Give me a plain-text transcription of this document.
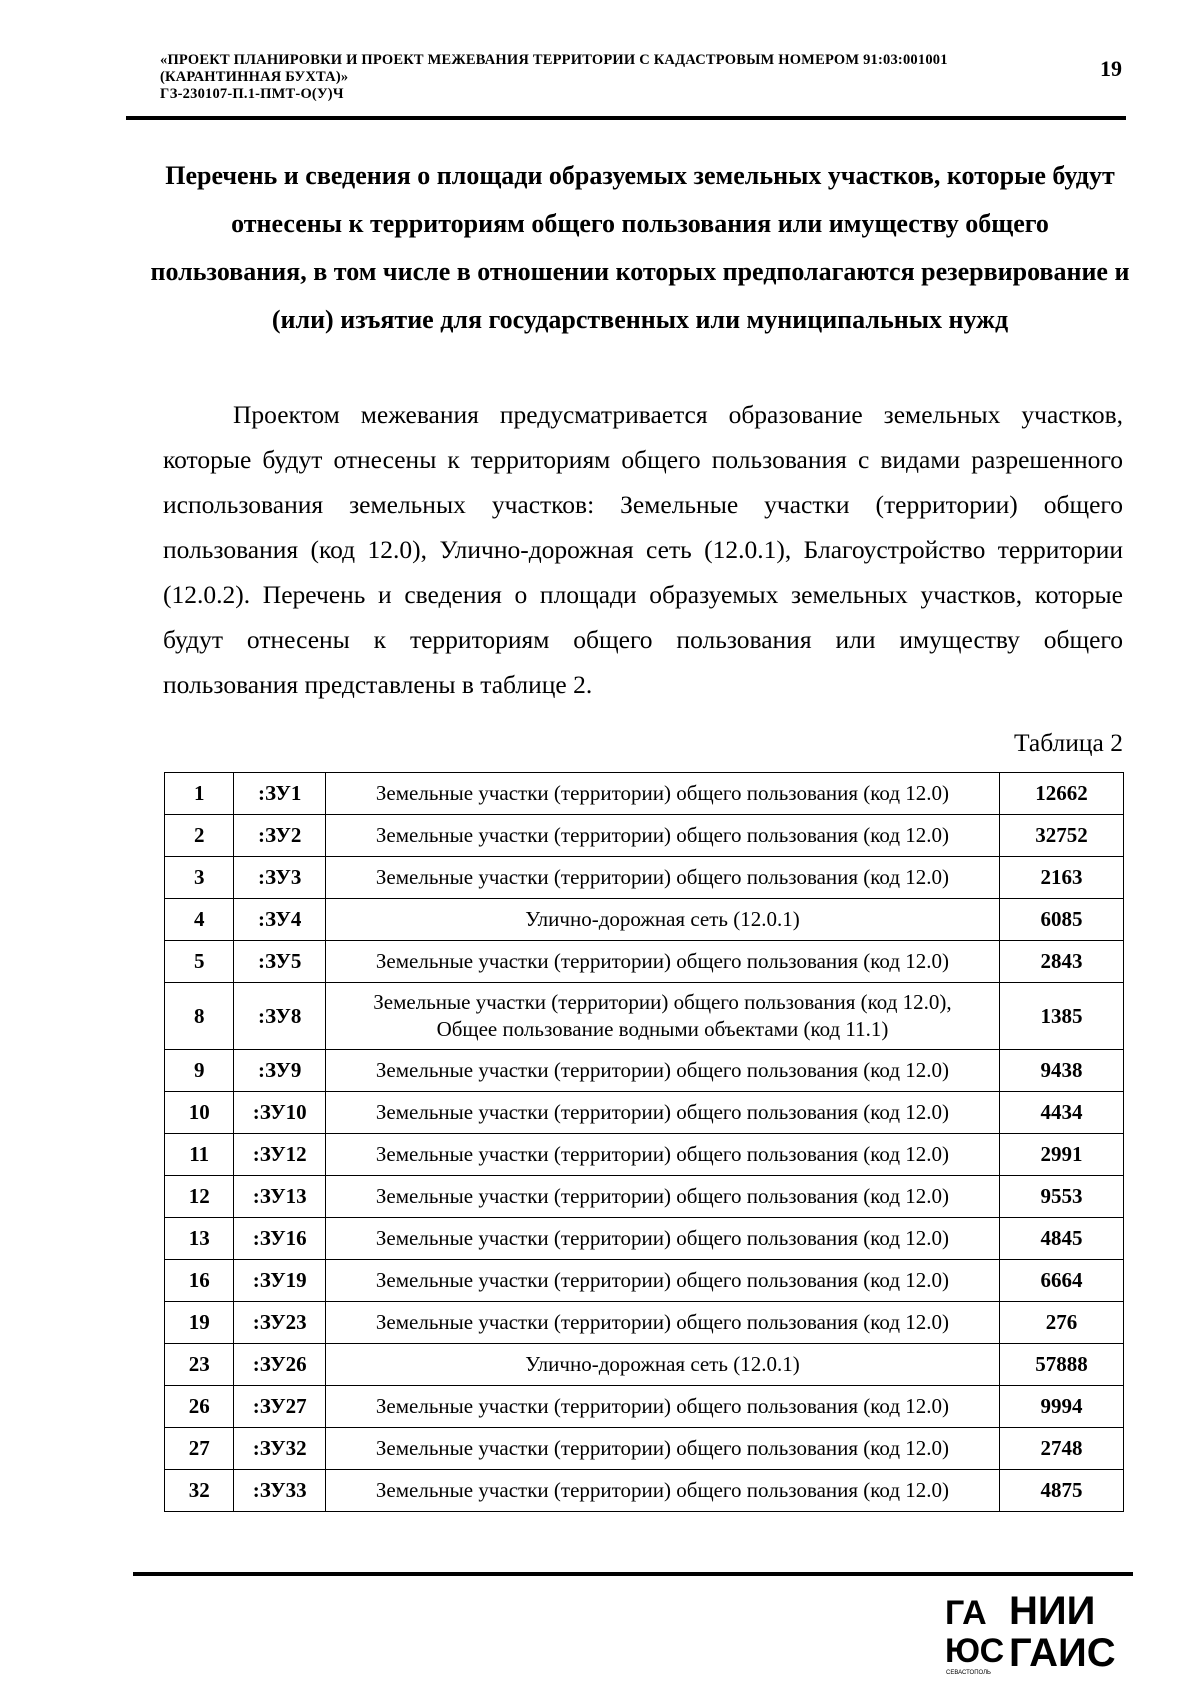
«ПРОЕКТ ПЛАНИРОВКИ И ПРОЕКТ МЕЖЕВАНИЯ ТЕРРИТОРИИ С КАДАСТРОВЫМ НОМЕРОМ 91:03:001001
(КАРАНТИННАЯ БУХТА)»
ГЗ-230107-П.1-ПМТ-О(У)Ч
19
Перечень и сведения о площади образуемых земельных участков, которые будут отнесены к территориям общего пользования или имуществу общего пользования, в том числе в отношении которых предполагаются резервирование и (или) изъятие для государственных или муниципальных нужд
Проектом межевания предусматривается образование земельных участков, которые будут отнесены к территориям общего пользования с видами разрешенного использования земельных участков: Земельные участки (территории) общего пользования (код 12.0), Улично-дорожная сеть (12.0.1), Благоустройство территории (12.0.2). Перечень и сведения о площади образуемых земельных участков, которые будут отнесены к территориям общего пользования или имуществу общего пользования представлены в таблице 2.
Таблица 2
1	:ЗУ1	Земельные участки (территории) общего пользования (код 12.0)	12662
2	:ЗУ2	Земельные участки (территории) общего пользования (код 12.0)	32752
3	:ЗУ3	Земельные участки (территории) общего пользования (код 12.0)	2163
4	:ЗУ4	Улично-дорожная сеть (12.0.1)	6085
5	:ЗУ5	Земельные участки (территории) общего пользования (код 12.0)	2843
8	:ЗУ8	Земельные участки (территории) общего пользования (код 12.0),
Общее пользование водными объектами (код 11.1)	1385
9	:ЗУ9	Земельные участки (территории) общего пользования (код 12.0)	9438
10	:ЗУ10	Земельные участки (территории) общего пользования (код 12.0)	4434
11	:ЗУ12	Земельные участки (территории) общего пользования (код 12.0)	2991
12	:ЗУ13	Земельные участки (территории) общего пользования (код 12.0)	9553
13	:ЗУ16	Земельные участки (территории) общего пользования (код 12.0)	4845
16	:ЗУ19	Земельные участки (территории) общего пользования (код 12.0)	6664
19	:ЗУ23	Земельные участки (территории) общего пользования (код 12.0)	276
23	:ЗУ26	Улично-дорожная сеть (12.0.1)	57888
26	:ЗУ27	Земельные участки (территории) общего пользования (код 12.0)	9994
27	:ЗУ32	Земельные участки (территории) общего пользования (код 12.0)	2748
32	:ЗУ33	Земельные участки (территории) общего пользования (код 12.0)	4875
ГА
ЮС
СЕВАСТОПОЛЬ
НИИ
ГАИС
